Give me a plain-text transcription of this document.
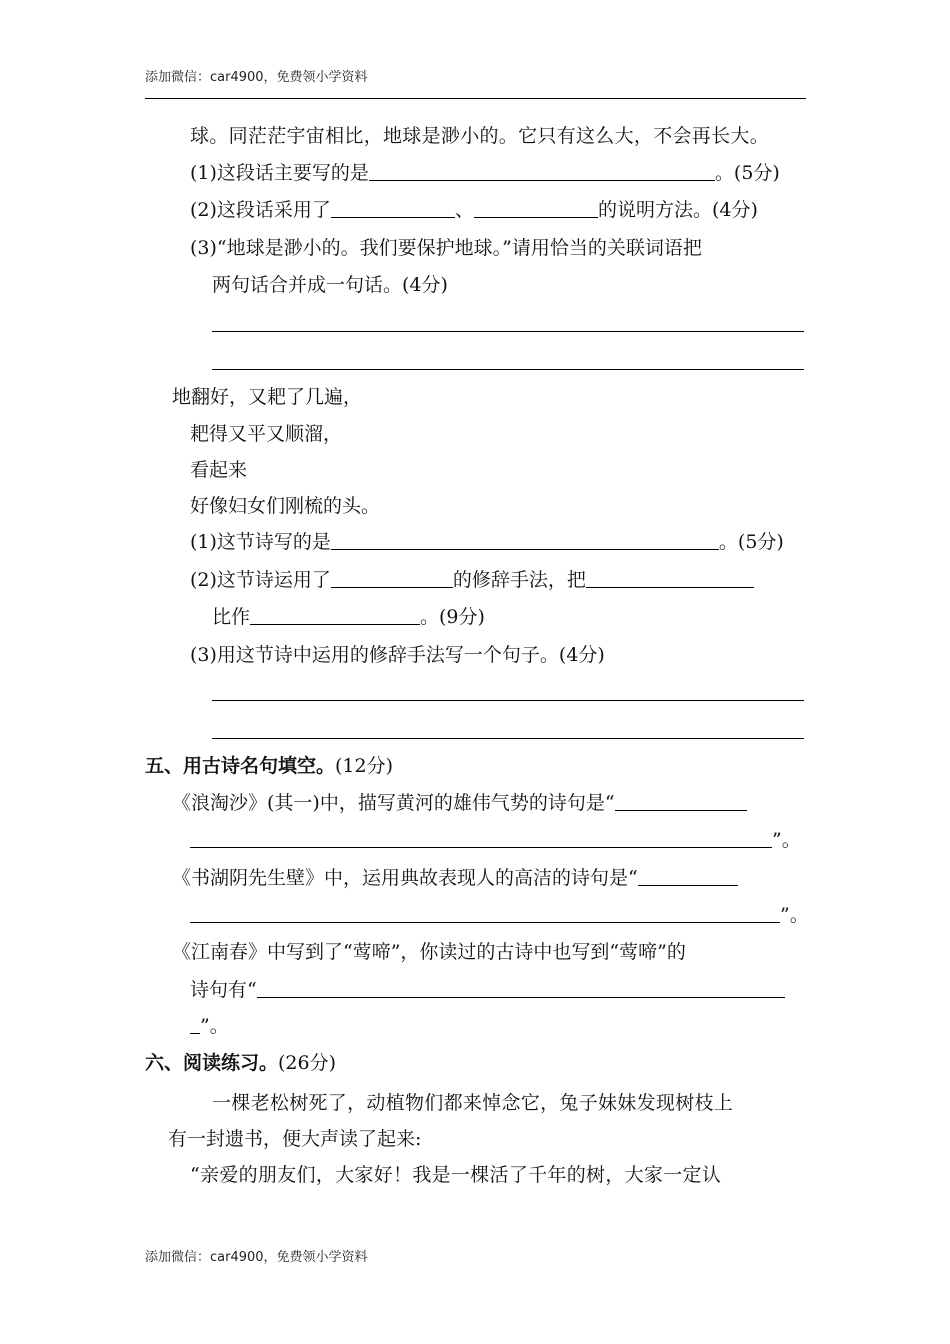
添加微信：car4900，免费领小学资料
球。同茫茫宇宙相比，地球是渺小的。它只有这么大，不会再长大。
(1)这段话主要写的是	。(5分)
(2)这段话采用了	、	的说明方法。(4分)
(3)“地球是渺小的。我们要保护地球。”请用恰当的关联词语把
两句话合并成一句话。(4分)
地翻好，又耙了几遍，
耙得又平又顺溜，
看起来
好像妇女们刚梳的头。
(1)这节诗写的是	。(5分)
(2)这节诗运用了	的修辞手法，把
比作	。(9分)
(3)用这节诗中运用的修辞手法写一个句子。(4分)
五、用古诗名句填空。(12分)
《浪淘沙》(其一)中，描写黄河的雄伟气势的诗句是“
”。
《书湖阴先生壁》中，运用典故表现人的高洁的诗句是“
”。
《江南春》中写到了“莺啼”，你读过的古诗中也写到“莺啼”的
诗句有“
”。
六、阅读练习。(26分)
一棵老松树死了，动植物们都来悼念它，兔子妹妹发现树枝上
有一封遗书，便大声读了起来:
“亲爱的朋友们，大家好！我是一棵活了千年的树，大家一定认
添加微信：car4900，免费领小学资料
